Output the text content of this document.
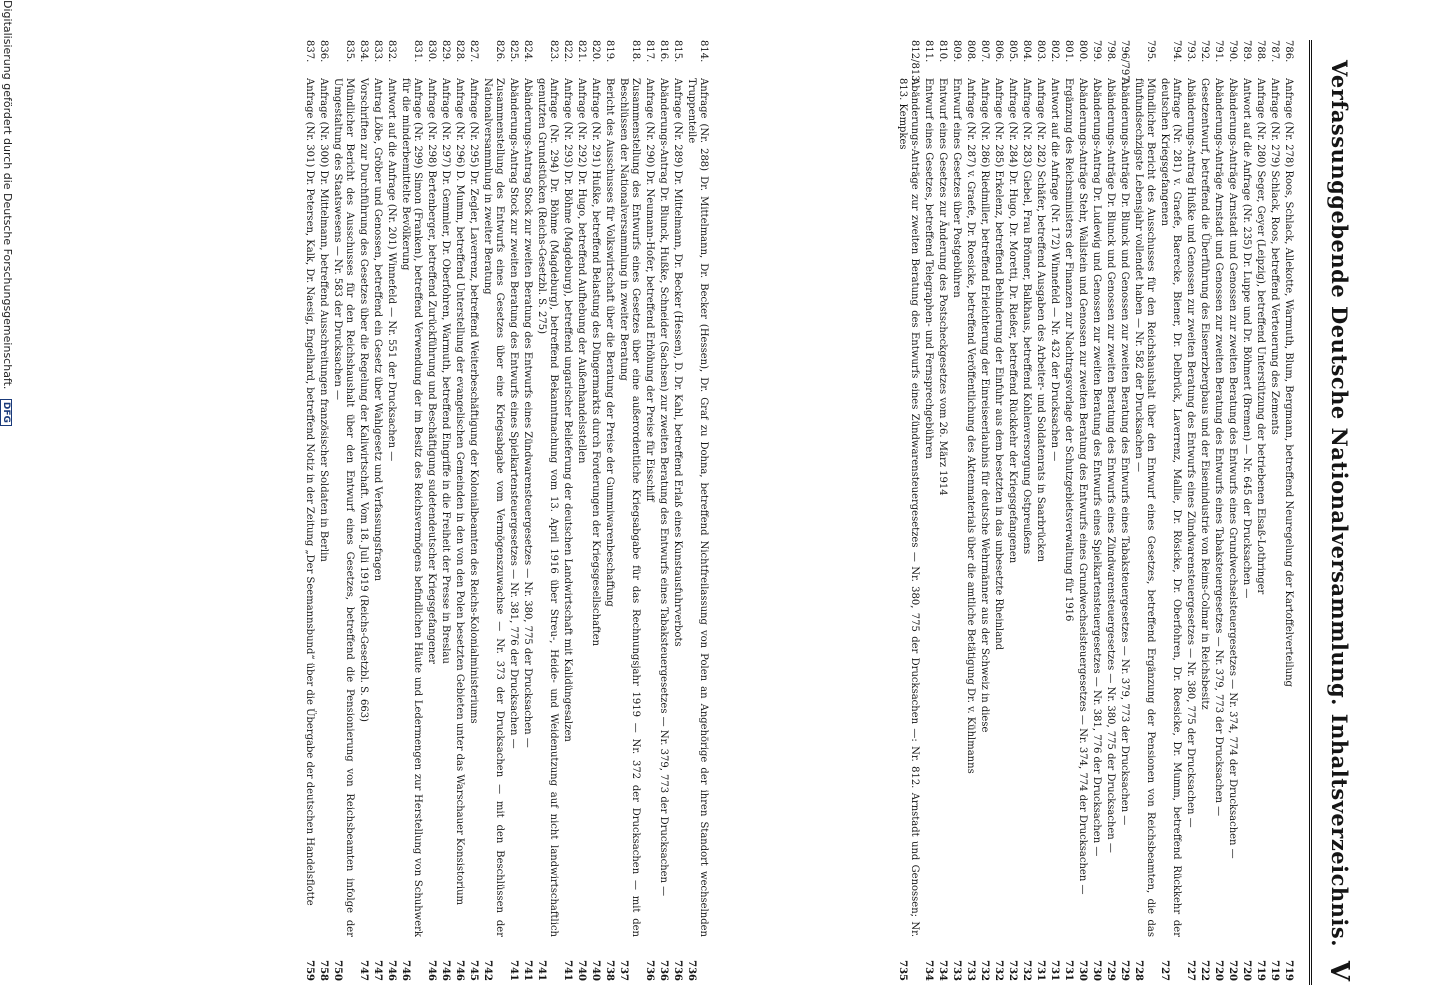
Verfassunggebende Deutsche Nationalversammlung. Inhaltsverzeichnis.
V
786.
Anfrage (Nr. 278) Roos, Schlack, Allekotte, Warmuth, Blum, Bergmann, betreffend Neuregelung der Kartoffelverteilung
719
787.
Anfrage (Nr. 279) Schlack, Roos, betreffend Verteuerung des Zements
719
788.
Anfrage (Nr. 280) Seger, Geyer (Leipzig), betreffend Unterstützung der betriebenen Elsaß-Lothringer
719
789.
Antwort auf die Anfrage (Nr. 235) Dr. Luppe und Dr. Böhmert (Bremen) — Nr. 645 der Drucksachen —
720
790.
Abänderungs-Anträge Arnstadt und Genossen zur zweiten Beratung des Entwurfs eines Grundwechselsteuergesetzes — Nr. 374, 774 der Drucksachen —
720
791.
Abänderungs-Anträge Arnstadt und Genossen zur zweiten Beratung des Entwurfs eines Tabaksteuergesetzes — Nr. 379, 773 der Drucksachen —
720
792.
Gesetzentwurf, betreffend die Überführung des Eisenerzbergbaus und der Eisenindustrie von Reims-Colmar in Reichsbesitz
722
793.
Abänderungs-Antrag Hußke und Genossen zur zweiten Beratung des Entwurfs eines Zündwarensteuergesetzes — Nr. 380, 775 der Drucksachen —
727
794.
Anfrage (Nr. 281) v. Graefe, Baerecke, Biener, Dr. Delbrück, Laverrenz, Mallie, Dr. Rösicke, Dr. Oberfohren, Dr. Roesicke, Dr. Mumm, betreffend Rückkehr der deutschen Kriegsgefangenen
727
795.
Mündlicher Bericht des Ausschusses für den Reichshaushalt über den Entwurf eines Gesetzes, betreffend Ergänzung der Pensionen von Reichsbeamten, die das fünfundsechzigste Lebensjahr vollendet haben — Nr. 582 der Drucksachen —
728
796/797.
Abänderungs-Anträge Dr. Blunck und Genossen zur zweiten Beratung des Entwurfs eines Tabaksteuergesetzes — Nr. 379, 773 der Drucksachen —
729
798.
Abänderungs-Anträge Dr. Blunck und Genossen zur zweiten Beratung des Entwurfs eines Zündwarensteuergesetzes — Nr. 380, 775 der Drucksachen —
729
799.
Abänderungs-Antrag Dr. Ludewig und Genossen zur zweiten Beratung des Entwurfs eines Spielkartensteuergesetzes — Nr. 381, 776 der Drucksachen —
730
800.
Abänderungs-Anträge Stehr, Wallstein und Genossen zur zweiten Beratung des Entwurfs eines Grundwechselsteuergesetzes — Nr. 374, 774 der Drucksachen —
730
801.
Ergänzung des Reichsministers der Finanzen zur Nachtragsvorlage der Schutzgebietsverwaltung für 1916
731
802.
Antwort auf die Anfrage (Nr. 172) Winnefeld — Nr. 432 der Drucksachen —
731
803.
Anfrage (Nr. 282) Schäfer, betreffend Ausgaben des Arbeiter- und Soldatenrats in Saarbrücken
731
804.
Anfrage (Nr. 283) Giebel, Frau Brönner, Balkhaus, betreffend Kohlenversorgung Ostpreußens
732
805.
Anfrage (Nr. 284) Dr. Hugo, Dr. Moretti, Dr. Rießer, betreffend Rückkehr der Kriegsgefangenen
732
806.
Anfrage (Nr. 285) Erkelenz, betreffend Behinderung der Einfuhr aus dem besetzten in das unbesetzte Rheinland
732
807.
Anfrage (Nr. 286) Riedmiller, betreffend Erleichterung der Einreiseerlaubnis für deutsche Wehrmänner aus der Schweiz in diese
732
808.
Anfrage (Nr. 287) v. Graefe, Dr. Roesicke, betreffend Veröffentlichung des Aktenmaterials über die amtliche Betätigung Dr. v. Kühlmanns
733
809.
Entwurf eines Gesetzes über Postgebühren
733
810.
Entwurf eines Gesetzes zur Änderung des Postscheckgesetzes vom 26. März 1914
734
811.
Entwurf eines Gesetzes, betreffend Telegraphen- und Fernsprechgebühren
734
812/813.
Abänderungs-Anträge zur zweiten Beratung des Entwurfs eines Zündwarensteuergesetzes — Nr. 380, 775 der Drucksachen —: Nr. 812. Arnstadt und Genossen; Nr. 813. Kempkes
735
814.
Anfrage (Nr. 288) Dr. Mittelmann, Dr. Becker (Hessen), Dr. Graf zu Dohna, betreffend Nichtfreilassung von Polen an Angehörige der ihren Standort wechselnden Truppenteile
736
815.
Anfrage (Nr. 289) Dr. Mittelmann, Dr. Becker (Hessen), D. Dr. Kahl, betreffend Erlaß eines Kunstausfuhrverbots
736
816.
Abänderungs-Antrag Dr. Blunck, Hußke, Schneider (Sachsen) zur zweiten Beratung des Entwurfs eines Tabaksteuergesetzes — Nr. 379, 773 der Drucksachen —
736
817.
Anfrage (Nr. 290) Dr. Neumann-Hofer, betreffend Erhöhung der Preise für Eisschiff
736
818.
Zusammenstellung des Entwurfs eines Gesetzes über eine außerordentliche Kriegsabgabe für das Rechnungsjahr 1919 — Nr. 372 der Drucksachen — mit den Beschlüssen der Nationalversammlung in zweiter Beratung
737
819.
Bericht des Ausschusses für Volkswirtschaft über die Beratung der Preise der Gummiwarenbeschaffung
738
820.
Anfrage (Nr. 291) Hußke, betreffend Belastung des Düngermarkts durch Forderungen der Kriegsgesellschaften
740
821.
Anfrage (Nr. 292) Dr. Hugo, betreffend Aufhebung der Außenhandelsstellen
740
822.
Anfrage (Nr. 293) Dr. Böhme (Magdeburg), betreffend ungarischer Belieferung der deutschen Landwirtschaft mit Kalidüngesalzen
741
823.
Anfrage (Nr. 294) Dr. Böhme (Magdeburg), betreffend Bekanntmachung vom 13. April 1916 über Streu-, Heide- und Weidenutzung auf nicht landwirtschaftlich genutzten Grundstücken (Reichs-Gesetzbl. S. 275)
741
824.
Abänderungs-Antrag Stock zur zweiten Beratung des Entwurfs eines Zündwarensteuergesetzes — Nr. 380, 775 der Drucksachen —
741
825.
Abänderungs-Antrag Stock zur zweiten Beratung des Entwurfs eines Spielkartensteuergesetzes — Nr. 381, 776 der Drucksachen —
741
826.
Zusammenstellung des Entwurfs eines Gesetzes über eine Kriegsabgabe vom Vermögenszuwachse — Nr. 373 der Drucksachen — mit den Beschlüssen der Nationalversammlung in zweiter Beratung
742
827.
Anfrage (Nr. 295) Dr. Zegler, Laverrenz, betreffend Weiterbeschäftigung der Kolonialbeamten des Reichs-Kolonialministeriums
745
828.
Anfrage (Nr. 296) D. Mumm, betreffend Unterstellung der evangelischen Gemeinden in den von den Polen besetzten Gebieten unter das Warschauer Konsistorium
746
829.
Anfrage (Nr. 297) Dr. Gemmler, Dr. Oberfohren, Warmuth, betreffend Eingriffe in die Freiheit der Presse in Breslau
746
830.
Anfrage (Nr. 298) Bertenberger, betreffend Zurückführung und Beschäftigung sudetendeutscher Kriegsgefangener
746
831.
Anfrage (Nr. 299) Simon (Franken), betreffend Verwendung der im Besitz des Reichsvermögens befindlichen Häute und Ledermengen zur Herstellung von Schuhwerk für die minderbemittelte Bevölkerung
746
832.
Antwort auf die Anfrage (Nr. 201) Winnefeld — Nr. 551 der Drucksachen —
746
833.
Antrag Löbe, Gröber und Genossen, betreffend ein Gesetz über Wahlgesetz und Verfassungsfragen
747
834.
Vorschriften zur Durchführung des Gesetzes über die Regelung der Kaliwirtschaft. Vom 18. Juli 1919 (Reichs-Gesetzbl. S. 663)
747
835.
Mündlicher Bericht des Ausschusses für den Reichshaushalt über den Entwurf eines Gesetzes, betreffend die Pensionierung von Reichsbeamten infolge der Umgestaltung des Staatswesens — Nr. 583 der Drucksachen —
750
836.
Anfrage (Nr. 300) Dr. Mittelmann, betreffend Ausschreitungen französischer Soldaten in Berlin
758
837.
Anfrage (Nr. 301) Dr. Petersen, Kalk, Dr. Naesig, Engelhard, betreffend Notiz in der Zeitung „Der Seemannsbund“ über die Übergabe der deutschen Handelsflotte
759
Digitalisierung gefördert durch die Deutsche Forschungsgemeinschaft. DFG
